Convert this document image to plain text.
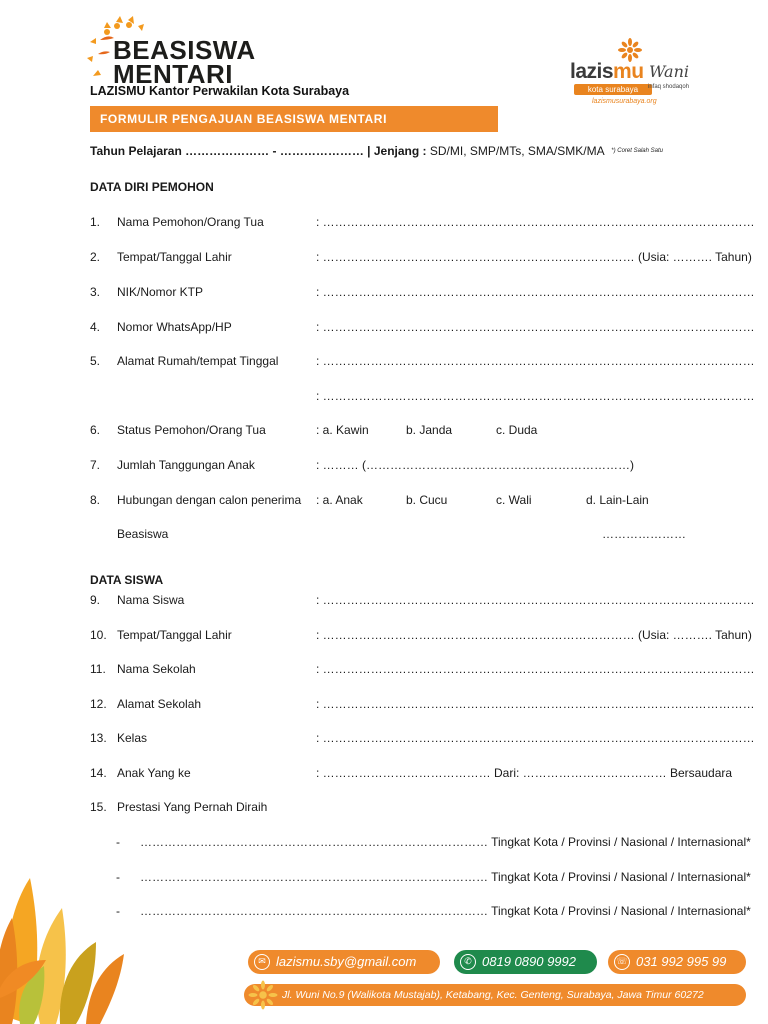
BEASISWA
MENTARI
LAZISMU Kantor Perwakilan Kota Surabaya
lazismu Wani
kota surabaya	infaq shodaqoh
lazismusurabaya.org
FORMULIR PENGAJUAN BEASISWA MENTARI
Tahun Pelajaran ………………… - ………………… | Jenjang : SD/MI, SMP/MTs, SMA/SMK/MA $^{*) Coret Salah Satu}$
DATA DIRI PEMOHON
1. Nama Pemohon/Orang Tua	: ………………………………………………………………………………………………
2. Tempat/Tanggal Lahir	: …………………………………………………………………… (Usia: ………. Tahun)
3. NIK/Nomor KTP	: ………………………………………………………………………………………………
4. Nomor WhatsApp/HP	: ………………………………………………………………………………………………
5. Alamat Rumah/tempat Tinggal	: ………………………………………………………………………………………………
: ………………………………………………………………………………………………
6. Status Pemohon/Orang Tua	: a. Kawin	b. Janda	c. Duda
7. Jumlah Tanggungan Anak	: ……… (…………………………………………………………)
8. Hubungan dengan calon penerima : a. Anak	b. Cucu	c. Wali	d. Lain-Lain
Beasiswa	…………………
DATA SISWA
9. Nama Siswa	: ………………………………………………………………………………………………
10. Tempat/Tanggal Lahir	: …………………………………………………………………… (Usia: ………. Tahun)
11. Nama Sekolah	: ………………………………………………………………………………………………
12. Alamat Sekolah	: ………………………………………………………………………………………………
13. Kelas	: ………………………………………………………………………………………………
14. Anak Yang ke	: …………………………………… Dari: ……………………………… Bersaudara
15. Prestasi Yang Pernah Diraih
- …………………………………………………………………………… Tingkat Kota / Provinsi / Nasional / Internasional*
- …………………………………………………………………………… Tingkat Kota / Provinsi / Nasional / Internasional*
- …………………………………………………………………………… Tingkat Kota / Provinsi / Nasional / Internasional*
✉ lazismu.sby@gmail.com	✆ 0819 0890 9992	☏ 031 992 995 99
Jl. Wuni No.9 (Walikota Mustajab), Ketabang, Kec. Genteng, Surabaya, Jawa Timur 60272
